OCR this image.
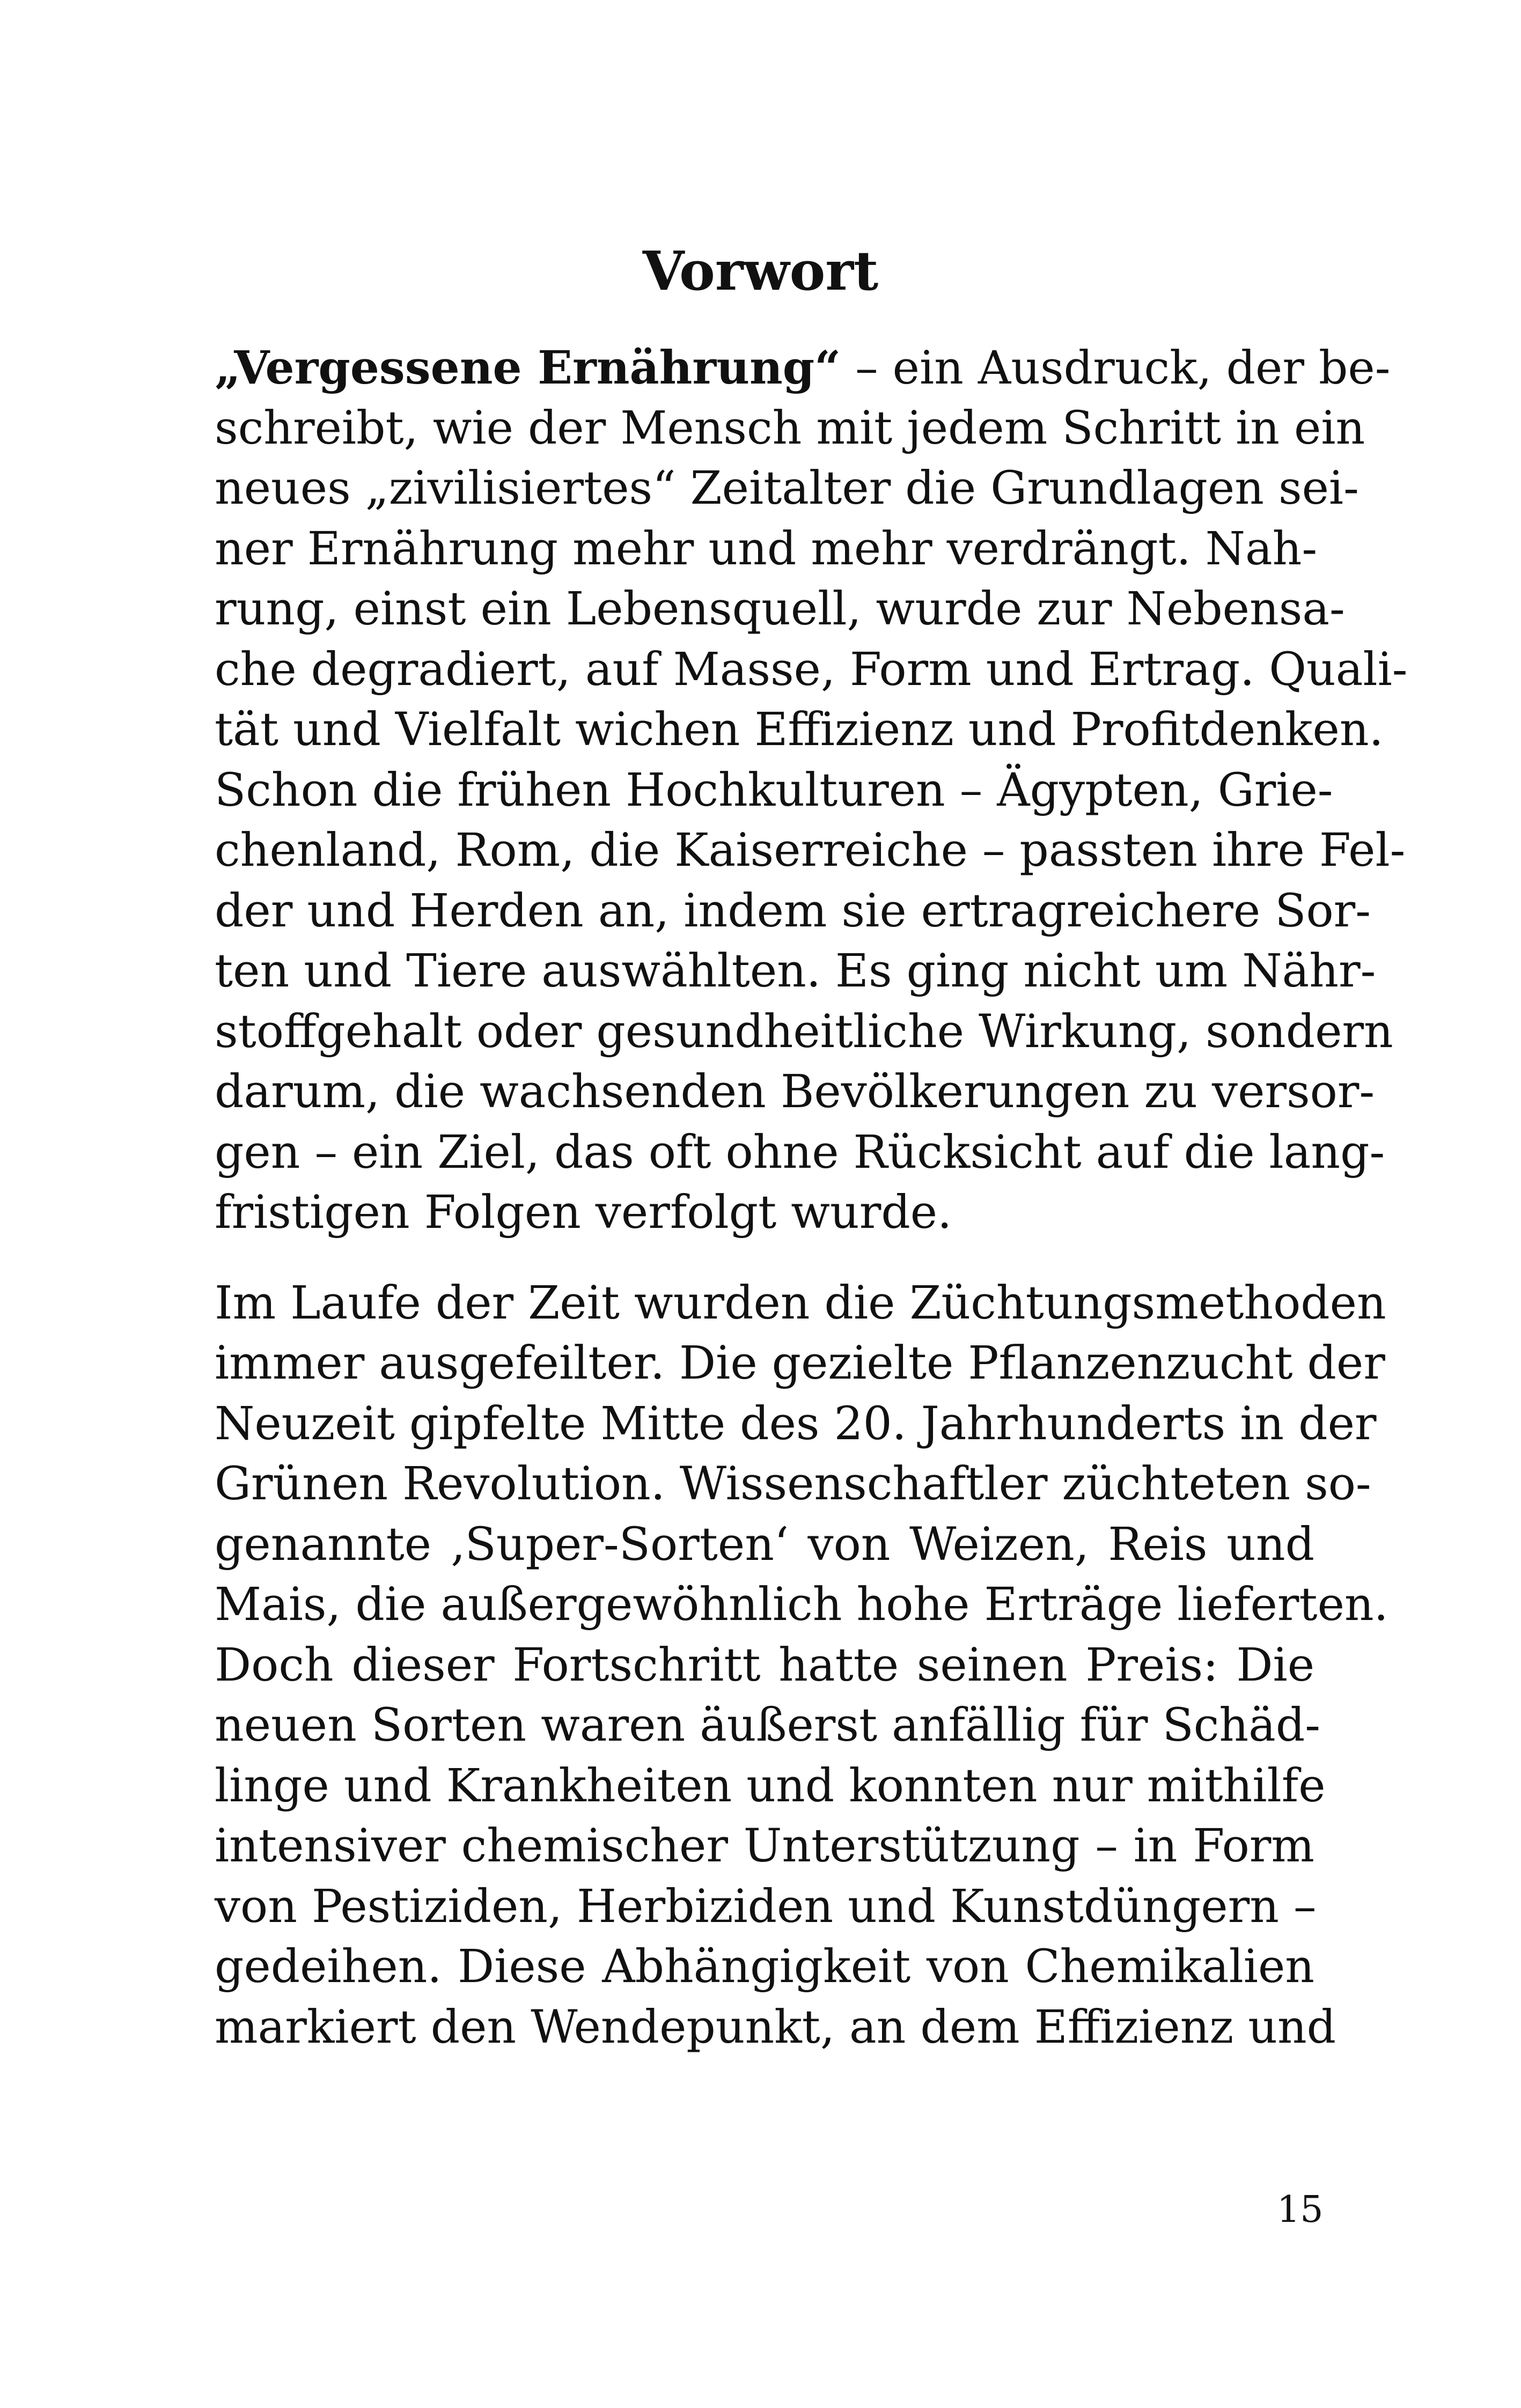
Vorwort

„Vergessene Ernährung“ – ein Ausdruck, der be-
schreibt, wie der Mensch mit jedem Schritt in ein
neues „zivilisiertes“ Zeitalter die Grundlagen sei-
ner Ernährung mehr und mehr verdrängt. Nah-
rung, einst ein Lebensquell, wurde zur Nebensa-
che degradiert, auf Masse, Form und Ertrag. Quali-
tät und Vielfalt wichen Effizienz und Profitdenken.
Schon die frühen Hochkulturen – Ägypten, Grie-
chenland, Rom, die Kaiserreiche – passten ihre Fel-
der und Herden an, indem sie ertragreichere Sor-
ten und Tiere auswählten. Es ging nicht um Nähr-
stoffgehalt oder gesundheitliche Wirkung, sondern
darum, die wachsenden Bevölkerungen zu versor-
gen – ein Ziel, das oft ohne Rücksicht auf die lang-
fristigen Folgen verfolgt wurde.

Im Laufe der Zeit wurden die Züchtungsmethoden
immer ausgefeilter. Die gezielte Pflanzenzucht der
Neuzeit gipfelte Mitte des 20. Jahrhunderts in der
Grünen Revolution. Wissenschaftler züchteten so-
genannte ‚Super-Sorten‘ von Weizen, Reis und
Mais, die außergewöhnlich hohe Erträge lieferten.
Doch dieser Fortschritt hatte seinen Preis: Die
neuen Sorten waren äußerst anfällig für Schäd-
linge und Krankheiten und konnten nur mithilfe
intensiver chemischer Unterstützung – in Form
von Pestiziden, Herbiziden und Kunstdüngern –
gedeihen. Diese Abhängigkeit von Chemikalien
markiert den Wendepunkt, an dem Effizienz und

15
